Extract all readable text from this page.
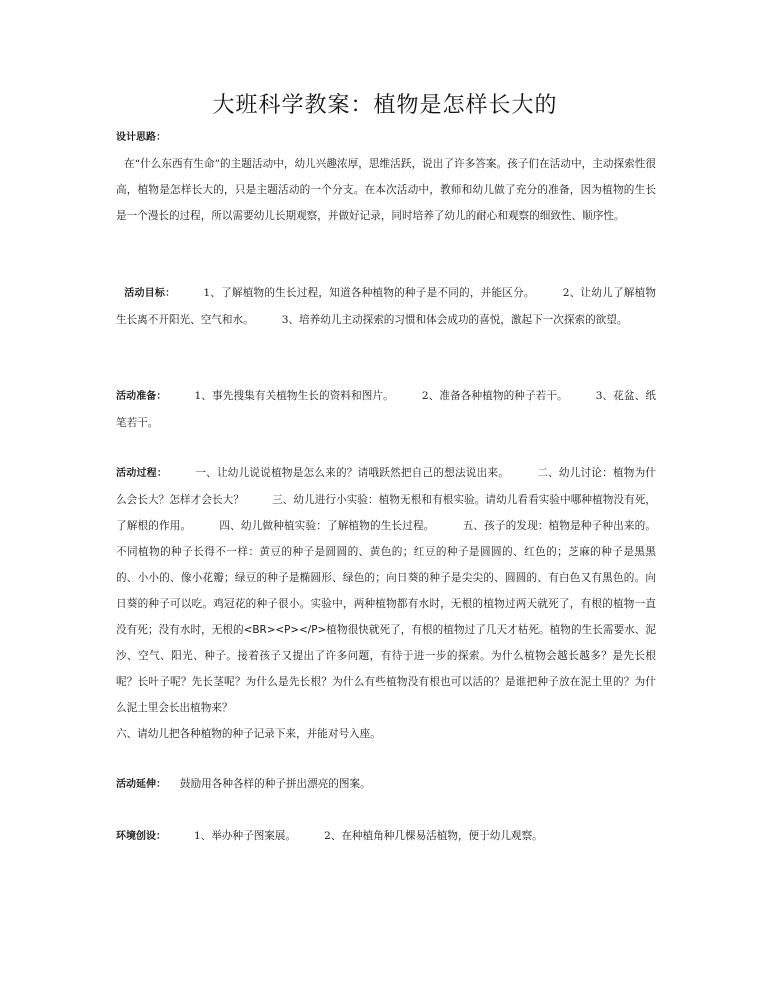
大班科学教案：植物是怎样长大的
设计思路：
在“什么东西有生命”的主题活动中，幼儿兴趣浓厚，思维活跃，说出了许多答案。孩子们在活动中，主动探索性很高，植物是怎样长大的，只是主题活动的一个分支。在本次活动中，教师和幼儿做了充分的准备，因为植物的生长是一个漫长的过程，所以需要幼儿长期观察，并做好记录，同时培养了幼儿的耐心和观察的细致性、顺序性。
活动目标：	1、了解植物的生长过程，知道各种植物的种子是不同的，并能区分。	2、让幼儿了解植物生长离不开阳光、空气和水。	3、培养幼儿主动探索的习惯和体会成功的喜悦，激起下一次探索的欲望。
活动准备：	1、事先搜集有关植物生长的资料和图片。	2、准备各种植物的种子若干。	3、花盆、纸笔若干。
活动过程：	一、让幼儿说说植物是怎么来的？请哦跃然把自己的想法说出来。	二、幼儿讨论：植物为什么会长大？怎样才会长大？	三、幼儿进行小实验：植物无根和有根实验。请幼儿看看实验中哪种植物没有死，了解根的作用。	四、幼儿做种植实验：了解植物的生长过程。	五、孩子的发现：植物是种子种出来的。不同植物的种子长得不一样：黄豆的种子是圆圆的、黄色的；红豆的种子是圆圆的、红色的；芝麻的种子是黑黑的、小小的、像小花瓣；绿豆的种子是椭圆形、绿色的；向日葵的种子是尖尖的、圆圆的、有白色又有黑色的。向日葵的种子可以吃。鸡冠花的种子很小。实验中，两种植物都有水时，无根的植物过两天就死了，有根的植物一直没有死；没有水时，无根的<BR><P></P>植物很快就死了，有根的植物过了几天才枯死。植物的生长需要水、泥沙、空气、阳光、种子。接着孩子又提出了许多问题，有待于进一步的探索。为什么植物会越长越多？是先长根呢？长叶子呢？先长茎呢？为什么是先长根？为什么有些植物没有根也可以活的？是谁把种子放在泥土里的？为什么泥土里会长出植物来？
六、请幼儿把各种植物的种子记录下来，并能对号入座。
活动延伸： 鼓励用各种各样的种子拼出漂亮的图案。
环境创设：	1、举办种子图案展。	2、在种植角种几棵易活植物，便于幼儿观察。
